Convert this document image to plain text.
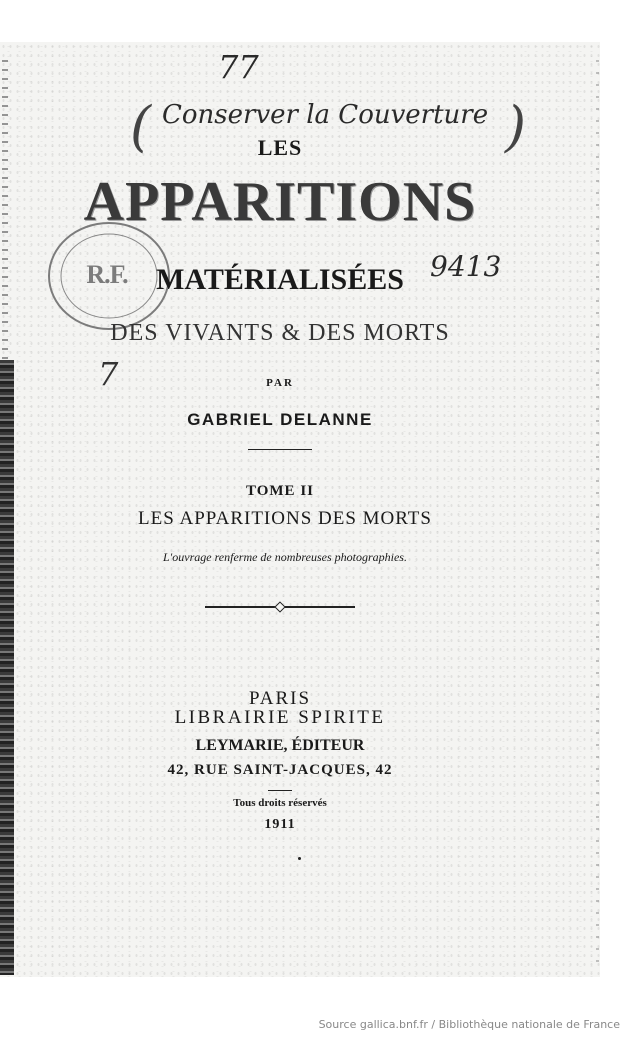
77
( Conserver la Couverture )
9413
7
R.F.
LES
APPARITIONS
MATÉRIALISÉES
DES VIVANTS & DES MORTS
PAR
GABRIEL DELANNE
TOME II
LES APPARITIONS DES MORTS
L'ouvrage renferme de nombreuses photographies.
PARIS
LIBRAIRIE SPIRITE
LEYMARIE, ÉDITEUR
42, RUE SAINT-JACQUES, 42
Tous droits réservés
1911
Source gallica.bnf.fr / Bibliothèque nationale de France
